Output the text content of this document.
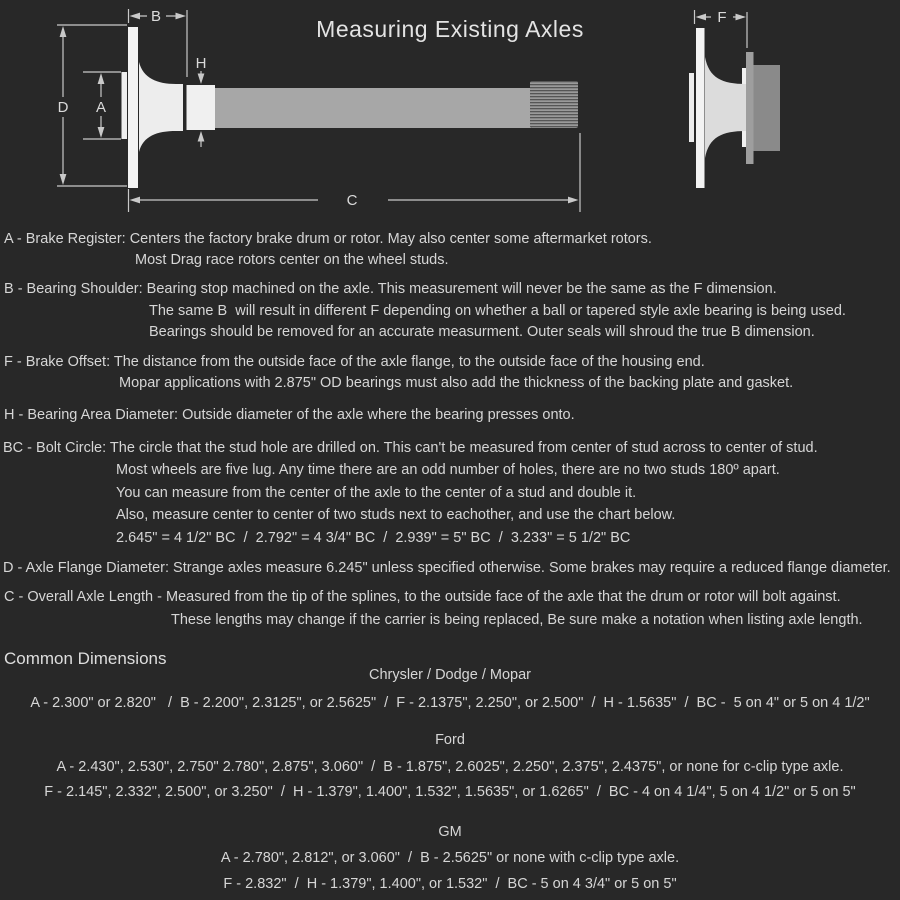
Measuring Existing Axles
D A
B
H
C
F
A - Brake Register: Centers the factory brake drum or rotor. May also center some aftermarket rotors.
Most Drag race rotors center on the wheel studs.
B - Bearing Shoulder: Bearing stop machined on the axle. This measurement will never be the same as the F dimension.
The same B  will result in different F depending on whether a ball or tapered style axle bearing is being used.
Bearings should be removed for an accurate measurment. Outer seals will shroud the true B dimension.
F - Brake Offset: The distance from the outside face of the axle flange, to the outside face of the housing end.
Mopar applications with 2.875" OD bearings must also add the thickness of the backing plate and gasket.
H - Bearing Area Diameter: Outside diameter of the axle where the bearing presses onto.
BC - Bolt Circle: The circle that the stud hole are drilled on. This can't be measured from center of stud across to center of stud.
Most wheels are five lug. Any time there are an odd number of holes, there are no two studs 180º apart.
You can measure from the center of the axle to the center of a stud and double it.
Also, measure center to center of two studs next to eachother, and use the chart below.
2.645" = 4 1/2" BC  /  2.792" = 4 3/4" BC  /  2.939" = 5" BC  /  3.233" = 5 1/2" BC
D - Axle Flange Diameter: Strange axles measure 6.245" unless specified otherwise. Some brakes may require a reduced flange diameter.
C - Overall Axle Length - Measured from the tip of the splines, to the outside face of the axle that the drum or rotor will bolt against.
These lengths may change if the carrier is being replaced, Be sure make a notation when listing axle length.
Common Dimensions
Chrysler / Dodge / Mopar
A - 2.300" or 2.820"   /  B - 2.200", 2.3125", or 2.5625"  /  F - 2.1375", 2.250", or 2.500"  /  H - 1.5635"  /  BC -  5 on 4" or 5 on 4 1/2"
Ford
A - 2.430", 2.530", 2.750" 2.780", 2.875", 3.060"  /  B - 1.875", 2.6025", 2.250", 2.375", 2.4375", or none for c-clip type axle.
F - 2.145", 2.332", 2.500", or 3.250"  /  H - 1.379", 1.400", 1.532", 1.5635", or 1.6265"  /  BC - 4 on 4 1/4", 5 on 4 1/2" or 5 on 5"
GM
A - 2.780", 2.812", or 3.060"  /  B - 2.5625" or none with c-clip type axle.
F - 2.832"  /  H - 1.379", 1.400", or 1.532"  /  BC - 5 on 4 3/4" or 5 on 5"
